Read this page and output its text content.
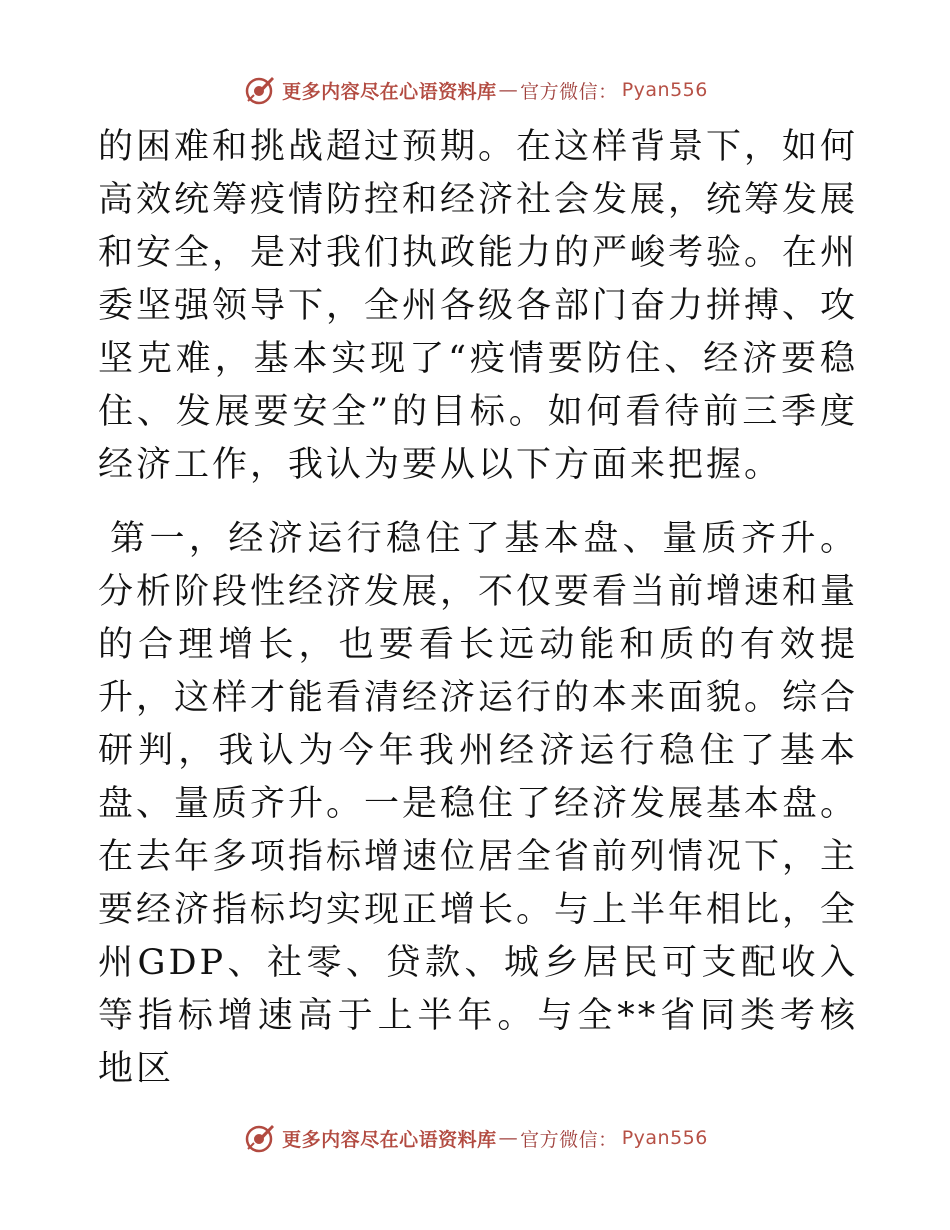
更多内容尽在心语资料库 — 官方微信： Pyan556

的困难和挑战超过预期。在这样背景下，如何高效统筹疫情防控和经济社会发展，统筹发展和安全，是对我们执政能力的严峻考验。在州委坚强领导下，全州各级各部门奋力拼搏、攻坚克难，基本实现了“疫情要防住、经济要稳住、发展要安全”的目标。如何看待前三季度经济工作，我认为要从以下方面来把握。

第一，经济运行稳住了基本盘、量质齐升。分析阶段性经济发展，不仅要看当前增速和量的合理增长，也要看长远动能和质的有效提升，这样才能看清经济运行的本来面貌。综合研判，我认为今年我州经济运行稳住了基本盘、量质齐升。一是稳住了经济发展基本盘。在去年多项指标增速位居全省前列情况下，主要经济指标均实现正增长。与上半年相比，全州GDP、社零、贷款、城乡居民可支配收入等指标增速高于上半年。与全**省同类考核地区

更多内容尽在心语资料库 — 官方微信： Pyan556
